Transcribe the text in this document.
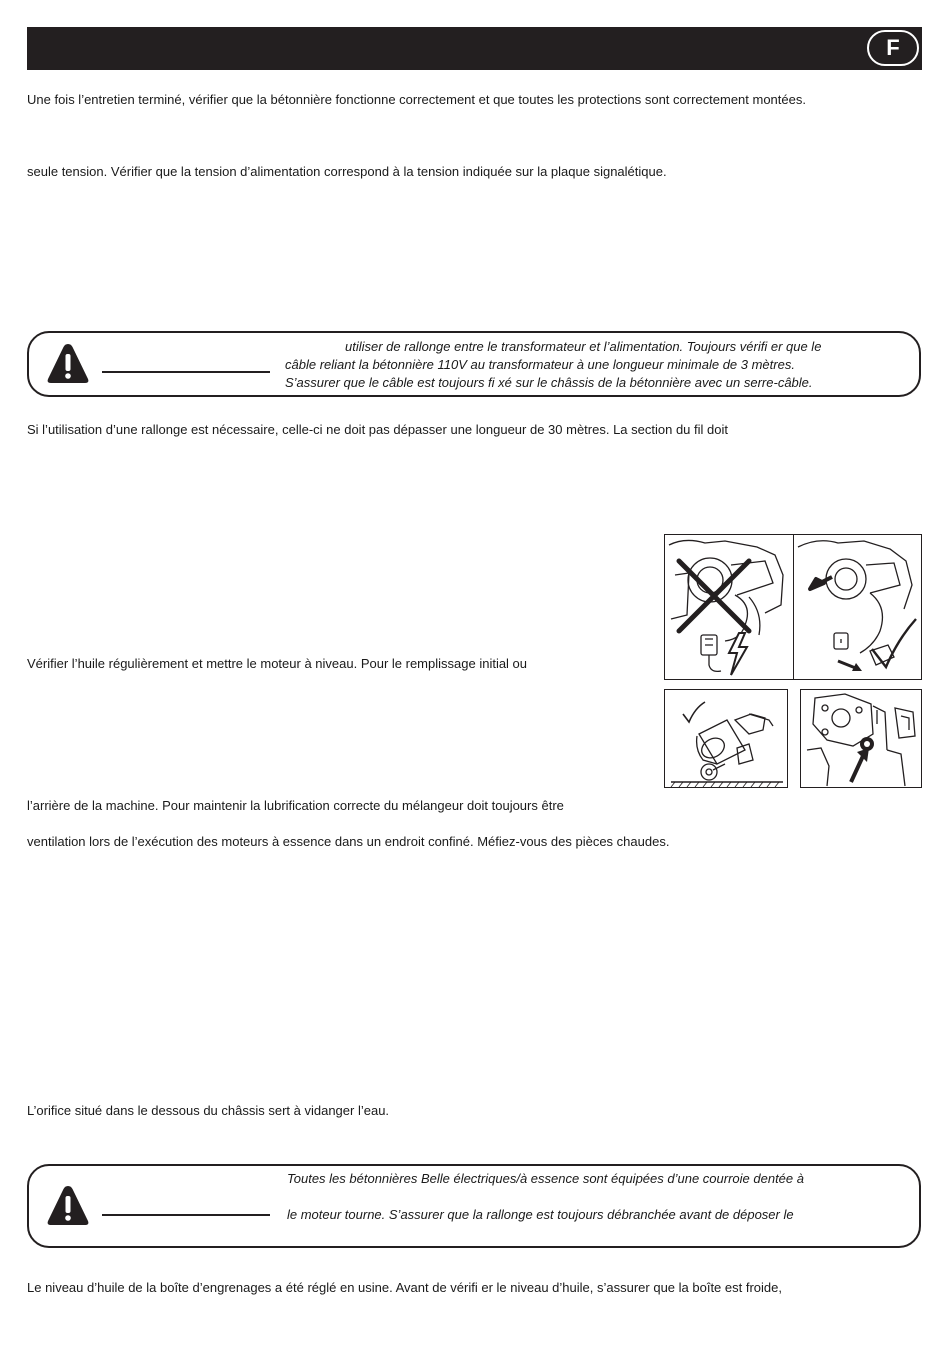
F

Une fois l’entretien terminé, vérifier que la bétonnière fonctionne correctement et que toutes les protections sont correctement montées.

seule tension. Vérifier que la tension d’alimentation correspond à la tension indiquée sur la plaque signalétique.

utiliser de rallonge entre le transformateur et l’alimentation. Toujours vérifi er que le

câble reliant la bétonnière 110V au transformateur à une longueur minimale de 3 mètres.

S’assurer que le câble est toujours fi xé sur le châssis de la bétonnière avec un serre-câble.

Si l’utilisation d’une rallonge est nécessaire, celle-ci ne doit pas dépasser une longueur de 30 mètres. La section du fil doit

Vérifier l’huile régulièrement et mettre le moteur à niveau. Pour le remplissage initial ou

l’arrière de la machine. Pour maintenir la lubrification correcte du mélangeur doit toujours être

ventilation lors de l’exécution des moteurs à essence dans un endroit confiné. Méfiez-vous des pièces chaudes.

L’orifice situé dans le dessous du châssis sert à vidanger l’eau.

Toutes les bétonnières Belle électriques/à essence sont équipées d’une courroie dentée à

le moteur tourne. S’assurer que la rallonge est toujours débranchée avant de déposer le

Le niveau d’huile de la boîte d’engrenages a été réglé en usine. Avant de vérifi er le niveau d’huile, s’assurer que la boîte est froide,
